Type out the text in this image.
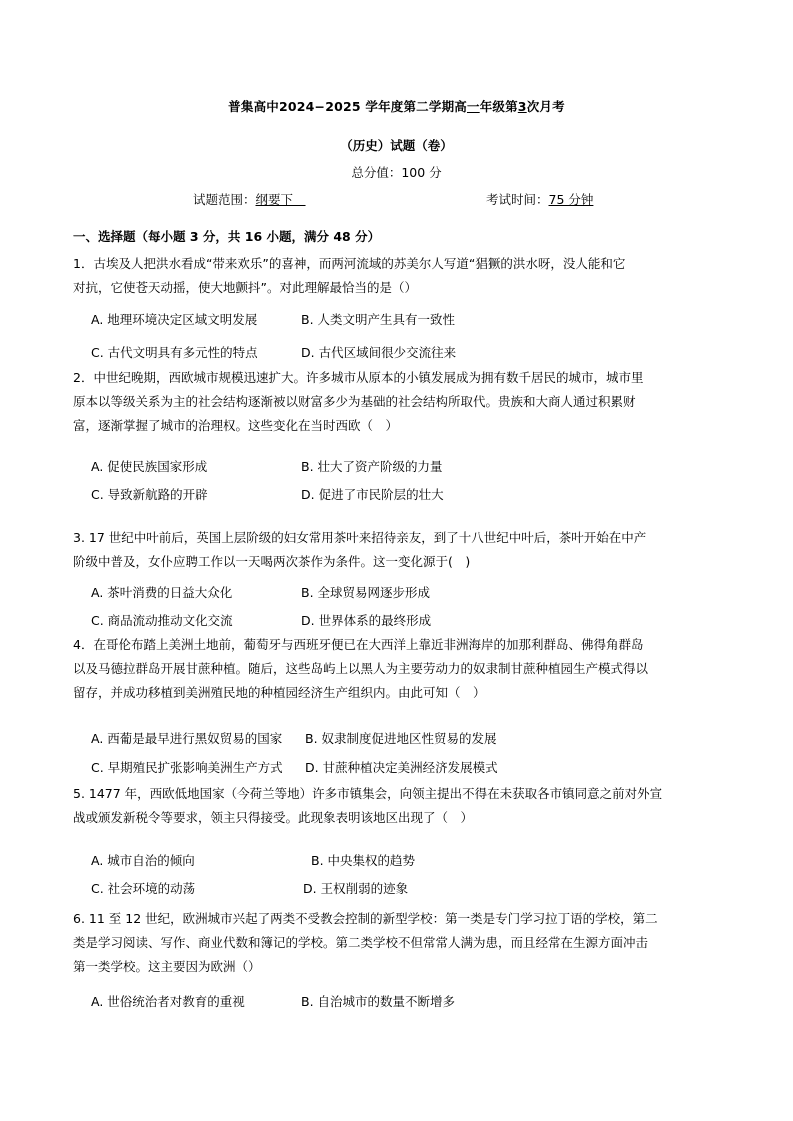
普集高中2024−2025 学年度第二学期高一年级第3次月考
（历史）试题（卷）
总分值：100 分
试题范围：纲要下　	考试时间：75 分钟
一、选择题（每小题 3 分，共 16 小题，满分 48 分）
1．古埃及人把洪水看成“带来欢乐”的喜神，而两河流域的苏美尔人写道“猖獗的洪水呀，没人能和它
对抗，它使苍天动摇，使大地颤抖”。对此理解最恰当的是（）
A. 地理环境决定区域文明发展	B. 人类文明产生具有一致性
C. 古代文明具有多元性的特点	D. 古代区域间很少交流往来
2．中世纪晚期，西欧城市规模迅速扩大。许多城市从原本的小镇发展成为拥有数千居民的城市，城市里
原本以等级关系为主的社会结构逐渐被以财富多少为基础的社会结构所取代。贵族和大商人通过积累财
富，逐渐掌握了城市的治理权。这些变化在当时西欧（　）
A. 促使民族国家形成	B. 壮大了资产阶级的力量
C. 导致新航路的开辟	D. 促进了市民阶层的壮大
3. 17 世纪中叶前后，英国上层阶级的妇女常用茶叶来招待亲友，到了十八世纪中叶后，茶叶开始在中产
阶级中普及，女仆应聘工作以一天喝两次茶作为条件。这一变化源于(　)
A. 茶叶消费的日益大众化	B. 全球贸易网逐步形成
C. 商品流动推动文化交流	D. 世界体系的最终形成
4．在哥伦布踏上美洲土地前，葡萄牙与西班牙便已在大西洋上靠近非洲海岸的加那利群岛、佛得角群岛
以及马德拉群岛开展甘蔗种植。随后，这些岛屿上以黑人为主要劳动力的奴隶制甘蔗种植园生产模式得以
留存，并成功移植到美洲殖民地的种植园经济生产组织内。由此可知（　）
A. 西葡是最早进行黑奴贸易的国家 B. 奴隶制度促进地区性贸易的发展
C. 早期殖民扩张影响美洲生产方式 D. 甘蔗种植决定美洲经济发展模式
5. 1477 年，西欧低地国家（今荷兰等地）许多市镇集会，向领主提出不得在未获取各市镇同意之前对外宣
战或颁发新税令等要求，领主只得接受。此现象表明该地区出现了（　）
A. 城市自治的倾向	B. 中央集权的趋势
C. 社会环境的动荡	D. 王权削弱的迹象
6. 11 至 12 世纪，欧洲城市兴起了两类不受教会控制的新型学校：第一类是专门学习拉丁语的学校，第二
类是学习阅读、写作、商业代数和簿记的学校。第二类学校不但常常人满为患，而且经常在生源方面冲击
第一类学校。这主要因为欧洲（）
A. 世俗统治者对教育的重视	B. 自治城市的数量不断增多
